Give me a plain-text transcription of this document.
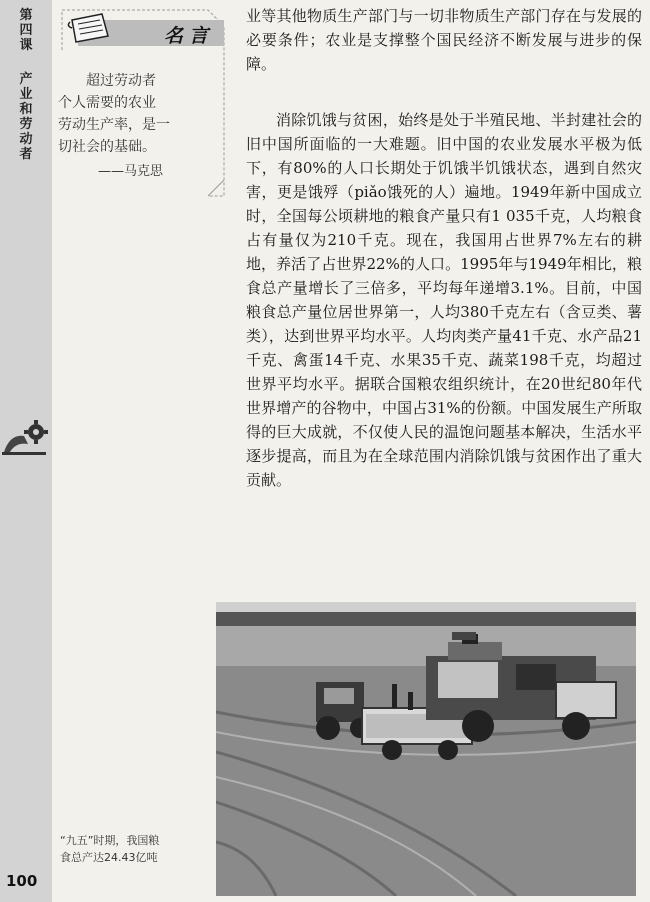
第四课
产业和劳动者
100
名言

超过劳动者

个人需要的农业

劳动生产率，是一

切社会的基础。

——马克思

业等其他物质生产部门与一切非物质生产部门存在与发展的必要条件；农业是支撑整个国民经济不断发展与进步的保障。

消除饥饿与贫困，始终是处于半殖民地、半封建社会的旧中国所面临的一大难题。旧中国的农业发展水平极为低下，有80%的人口长期处于饥饿半饥饿状态，遇到自然灾害，更是饿殍（piǎo饿死的人）遍地。1949年新中国成立时，全国每公顷耕地的粮食产量只有1 035千克，人均粮食占有量仅为210千克。现在，我国用占世界7%左右的耕地，养活了占世界22%的人口。1995年与1949年相比，粮食总产量增长了三倍多，平均每年递增3.1%。目前，中国粮食总产量位居世界第一，人均380千克左右（含豆类、薯类），达到世界平均水平。人均肉类产量41千克、水产品21千克、禽蛋14千克、水果35千克、蔬菜198千克，均超过世界平均水平。据联合国粮农组织统计，在20世纪80年代世界增产的谷物中，中国占31%的份额。中国发展生产所取得的巨大成就，不仅使人民的温饱问题基本解决，生活水平逐步提高，而且为在全球范围内消除饥饿与贫困作出了重大贡献。

“九五”时期，我国粮
食总产达24.43亿吨
